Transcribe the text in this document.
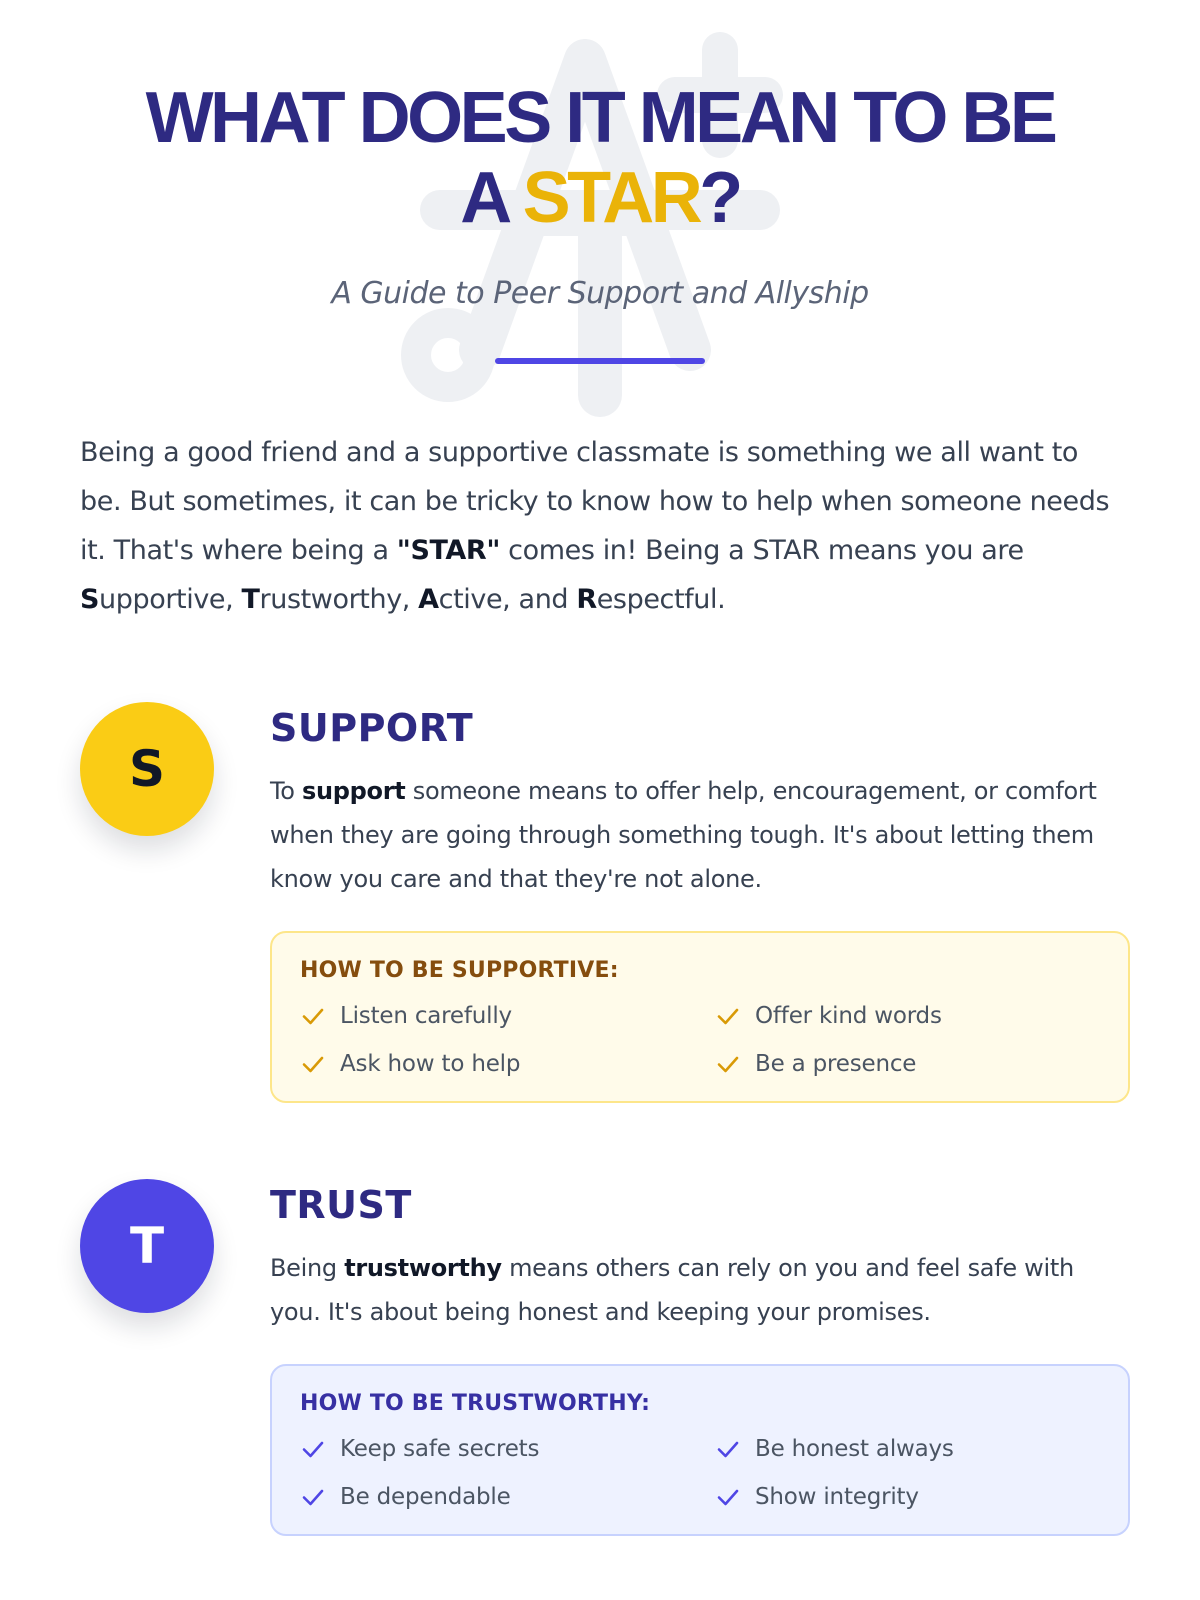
WHAT DOES IT MEAN TO BE
A STAR?

A Guide to Peer Support and Allyship

Being a good friend and a supportive classmate is something we all want to be. But sometimes, it can be tricky to know how to help when someone needs it. That's where being a "STAR" comes in! Being a STAR means you are Supportive, Trustworthy, Active, and Respectful.

S
SUPPORT

To support someone means to offer help, encouragement, or comfort when they are going through something tough. It's about letting them know you care and that they're not alone.

HOW TO BE SUPPORTIVE:

Listen carefully	Offer kind words
Ask how to help	Be a presence
T
TRUST

Being trustworthy means others can rely on you and feel safe with you. It's about being honest and keeping your promises.

HOW TO BE TRUSTWORTHY:

Keep safe secrets	Be honest always
Be dependable	Show integrity
